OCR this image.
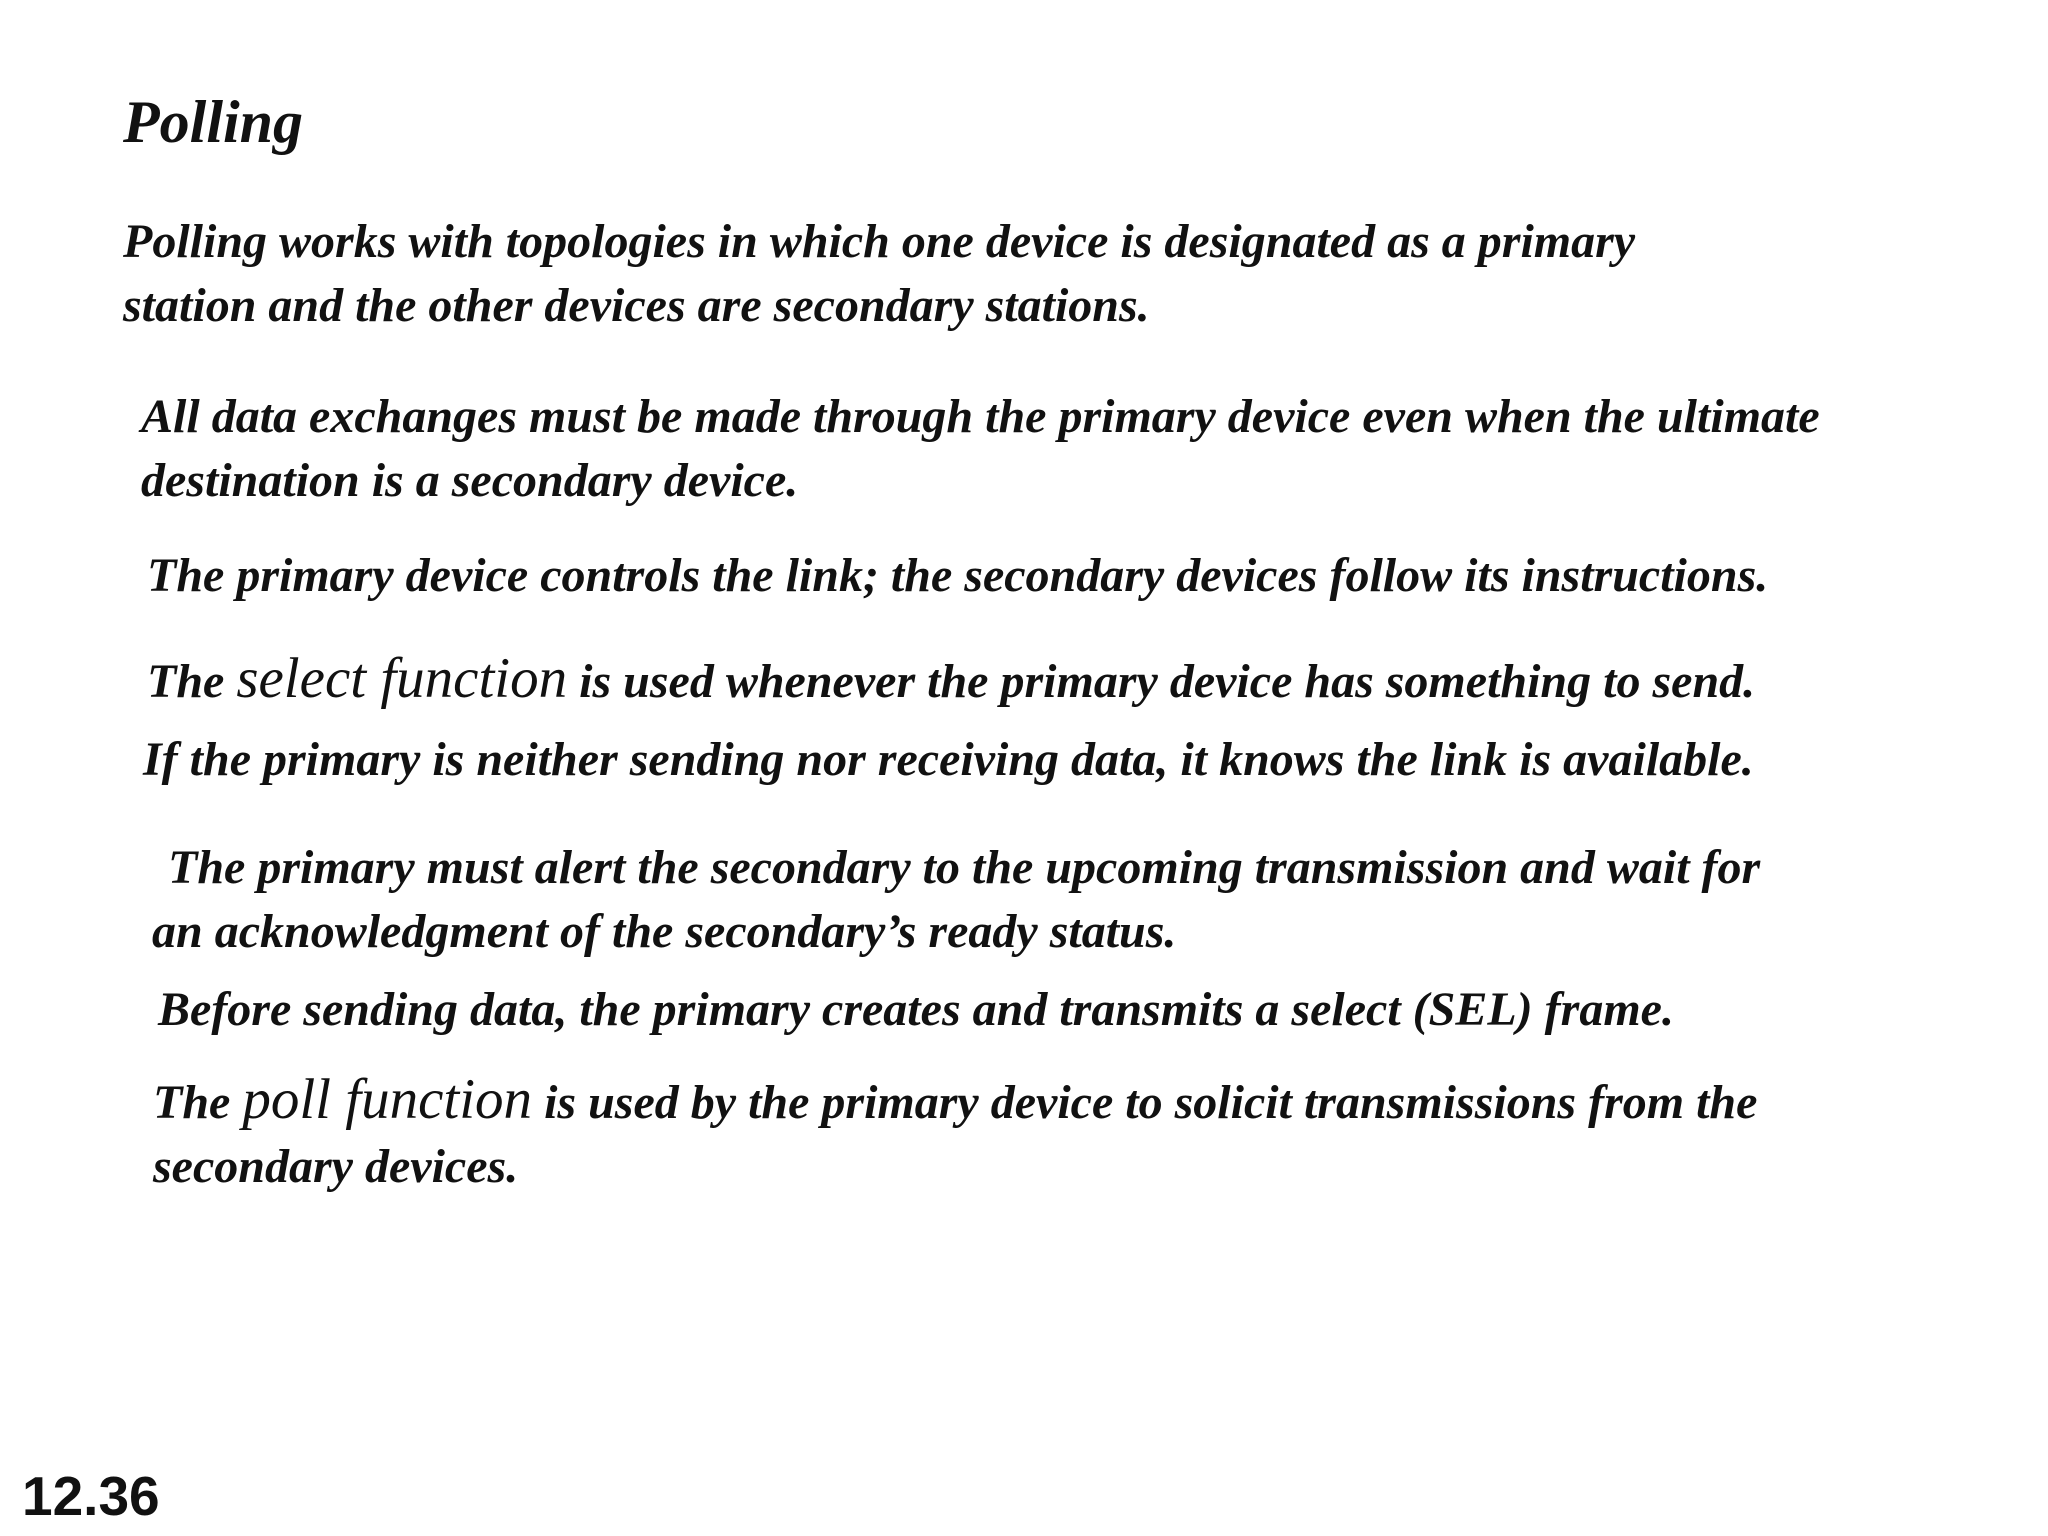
Polling
Polling works with topologies in which one device is designated as a primary
station and the other devices are secondary stations.
All data exchanges must be made through the primary device even when the ultimate
destination is a secondary device.
The primary device controls the link; the secondary devices follow its instructions.
The select function is used whenever the primary device has something to send.
If the primary is neither sending nor receiving data, it knows the link is available.
The primary must alert the secondary to the upcoming transmission and wait for
an acknowledgment of the secondary’s ready status.
Before sending data, the primary creates and transmits a select (SEL) frame.
The poll function is used by the primary device to solicit transmissions from the
secondary devices.
12.36
